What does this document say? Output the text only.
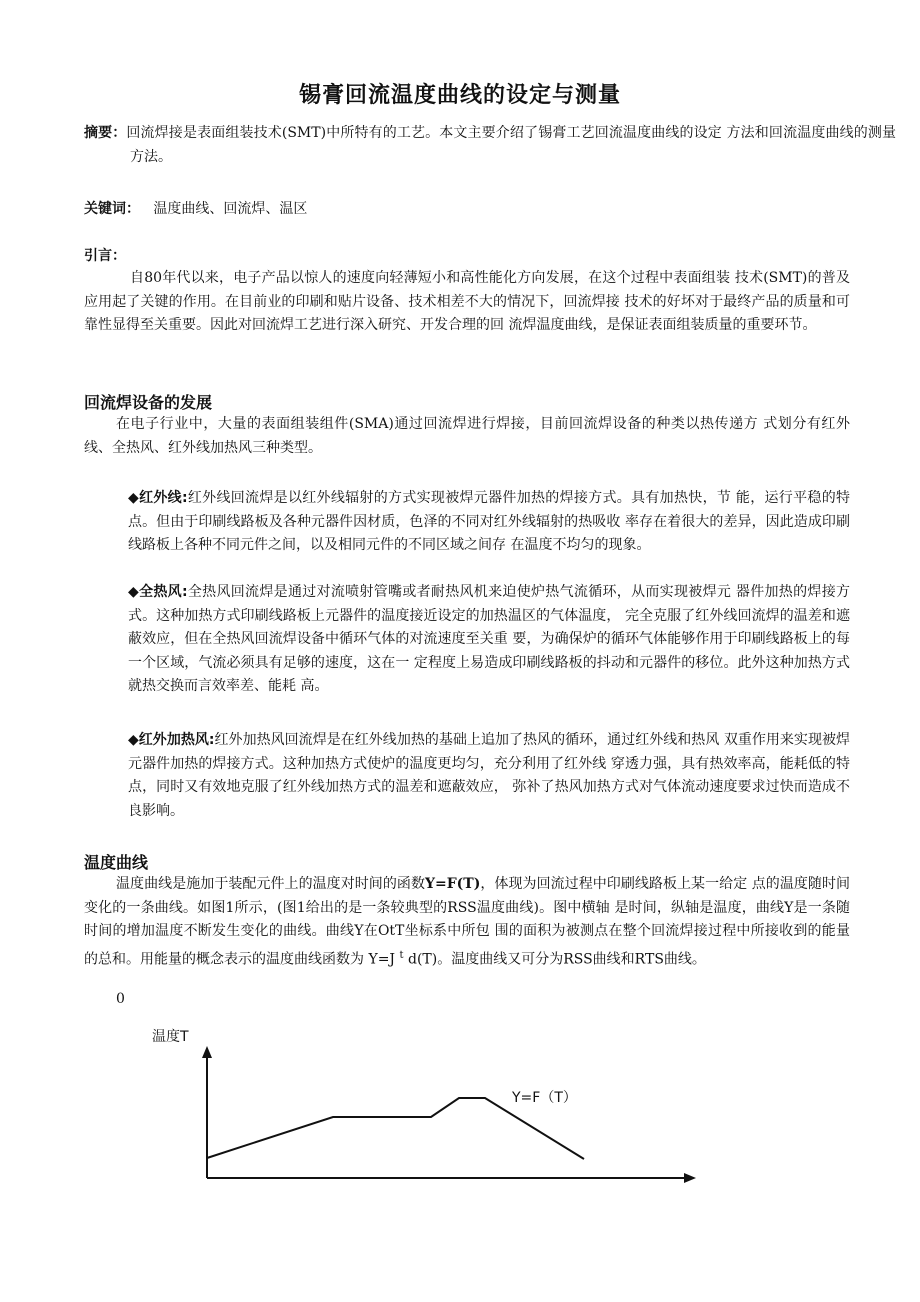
锡膏回流温度曲线的设定与测量

摘要：回流焊接是表面组装技术(SMT)中所特有的工艺。本文主要介绍了锡膏工艺回流温度曲线的设定 方法和回流温度曲线的测量方法。

关键词： 温度曲线、回流焊、温区

引言：

自80年代以来，电子产品以惊人的速度向轻薄短小和高性能化方向发展，在这个过程中表面组装 技术(SMT)的普及应用起了关键的作用。在目前业的印刷和贴片设备、技术相差不大的情况下，回流焊接 技术的好坏对于最终产品的质量和可靠性显得至关重要。因此对回流焊工艺进行深入研究、开发合理的回 流焊温度曲线，是保证表面组装质量的重要环节。

回流焊设备的发展

在电子行业中，大量的表面组装组件(SMA)通过回流焊进行焊接，目前回流焊设备的种类以热传递方 式划分有红外线、全热风、红外线加热风三种类型。

◆红外线:红外线回流焊是以红外线辐射的方式实现被焊元器件加热的焊接方式。具有加热快，节 能，运行平稳的特点。但由于印刷线路板及各种元器件因材质，色泽的不同对红外线辐射的热吸收 率存在着很大的差异，因此造成印刷线路板上各种不同元件之间，以及相同元件的不同区域之间存 在温度不均匀的现象。

◆全热风:全热风回流焊是通过对流喷射管嘴或者耐热风机来迫使炉热气流循环，从而实现被焊元 器件加热的焊接方式。这种加热方式印刷线路板上元器件的温度接近设定的加热温区的气体温度， 完全克服了红外线回流焊的温差和遮蔽效应，但在全热风回流焊设备中循环气体的对流速度至关重 要，为确保炉的循环气体能够作用于印刷线路板上的每一个区域，气流必须具有足够的速度，这在一 定程度上易造成印刷线路板的抖动和元器件的移位。此外这种加热方式就热交换而言效率差、能耗 高。

◆红外加热风:红外加热风回流焊是在红外线加热的基础上追加了热风的循环，通过红外线和热风 双重作用来实现被焊元器件加热的焊接方式。这种加热方式使炉的温度更均匀，充分利用了红外线 穿透力强，具有热效率高，能耗低的特点，同时又有效地克服了红外线加热方式的温差和遮蔽效应， 弥补了热风加热方式对气体流动速度要求过快而造成不良影响。

温度曲线

温度曲线是施加于装配元件上的温度对时间的函数Y=F(T)，体现为回流过程中印刷线路板上某一给定 点的温度随时间变化的一条曲线。如图1所示，(图1给出的是一条较典型的RSS温度曲线)。图中横轴 是时间，纵轴是温度，曲线Y是一条随时间的增加温度不断发生变化的曲线。曲线Y在OtT坐标系中所包 围的面积为被测点在整个回流焊接过程中所接收到的能量的总和。用能量的概念表示的温度曲线函数为 Y=J $^t$ d(T)。温度曲线又可分为RSS曲线和RTS曲线。

0
温度T
Y=F（T）
